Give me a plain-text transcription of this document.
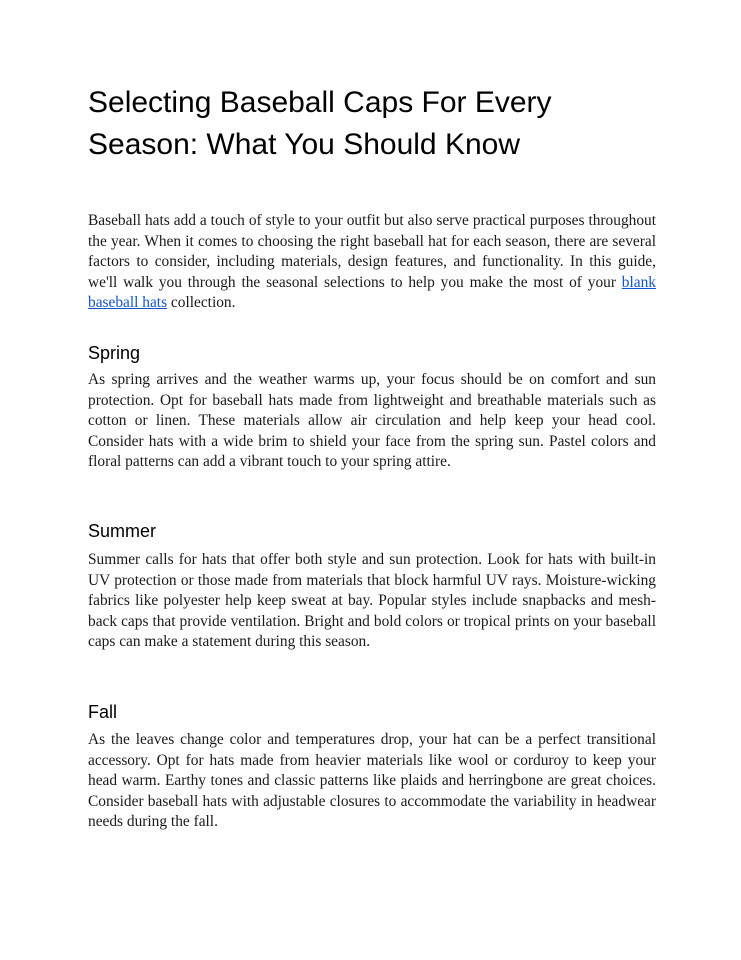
Selecting Baseball Caps For Every Season: What You Should Know

Baseball hats add a touch of style to your outfit but also serve practical purposes throughout the year. When it comes to choosing the right baseball hat for each season, there are several factors to consider, including materials, design features, and functionality. In this guide, we'll walk you through the seasonal selections to help you make the most of your blank baseball hats collection.

Spring

As spring arrives and the weather warms up, your focus should be on comfort and sun protection. Opt for baseball hats made from lightweight and breathable materials such as cotton or linen. These materials allow air circulation and help keep your head cool. Consider hats with a wide brim to shield your face from the spring sun. Pastel colors and floral patterns can add a vibrant touch to your spring attire.

Summer

Summer calls for hats that offer both style and sun protection. Look for hats with built-in UV protection or those made from materials that block harmful UV rays. Moisture-wicking fabrics like polyester help keep sweat at bay. Popular styles include snapbacks and mesh-back caps that provide ventilation. Bright and bold colors or tropical prints on your baseball caps can make a statement during this season.

Fall

As the leaves change color and temperatures drop, your hat can be a perfect transitional accessory. Opt for hats made from heavier materials like wool or corduroy to keep your head warm. Earthy tones and classic patterns like plaids and herringbone are great choices. Consider baseball hats with adjustable closures to accommodate the variability in headwear needs during the fall.
